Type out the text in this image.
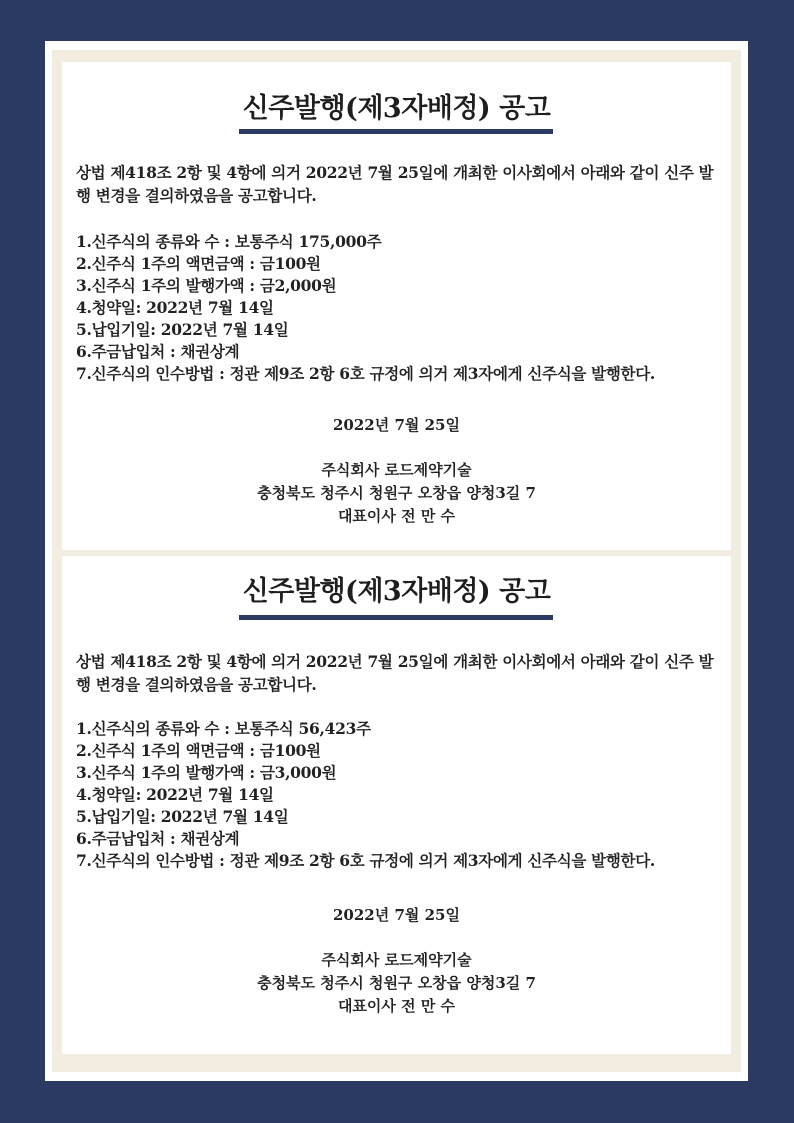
신주발행(제3자배정) 공고

상법 제418조 2항 및 4항에 의거 2022년 7월 25일에 개최한 이사회에서 아래와 같이 신주 발행 변경을 결의하였음을 공고합니다.

1.신주식의 종류와 수 : 보통주식 175,000주
2.신주식 1주의 액면금액 : 금100원
3.신주식 1주의 발행가액 : 금2,000원
4.청약일: 2022년 7월 14일
5.납입기일: 2022년 7월 14일
6.주금납입처 : 채권상계
7.신주식의 인수방법 : 정관 제9조 2항 6호 규정에 의거 제3자에게 신주식을 발행한다.
2022년 7월 25일
주식회사 로드제약기술
충청북도 청주시 청원구 오창읍 양청3길 7
대표이사 전 만 수
신주발행(제3자배정) 공고

상법 제418조 2항 및 4항에 의거 2022년 7월 25일에 개최한 이사회에서 아래와 같이 신주 발행 변경을 결의하였음을 공고합니다.

1.신주식의 종류와 수 : 보통주식 56,423주
2.신주식 1주의 액면금액 : 금100원
3.신주식 1주의 발행가액 : 금3,000원
4.청약일: 2022년 7월 14일
5.납입기일: 2022년 7월 14일
6.주금납입처 : 채권상계
7.신주식의 인수방법 : 정관 제9조 2항 6호 규정에 의거 제3자에게 신주식을 발행한다.
2022년 7월 25일
주식회사 로드제약기술
충청북도 청주시 청원구 오창읍 양청3길 7
대표이사 전 만 수
